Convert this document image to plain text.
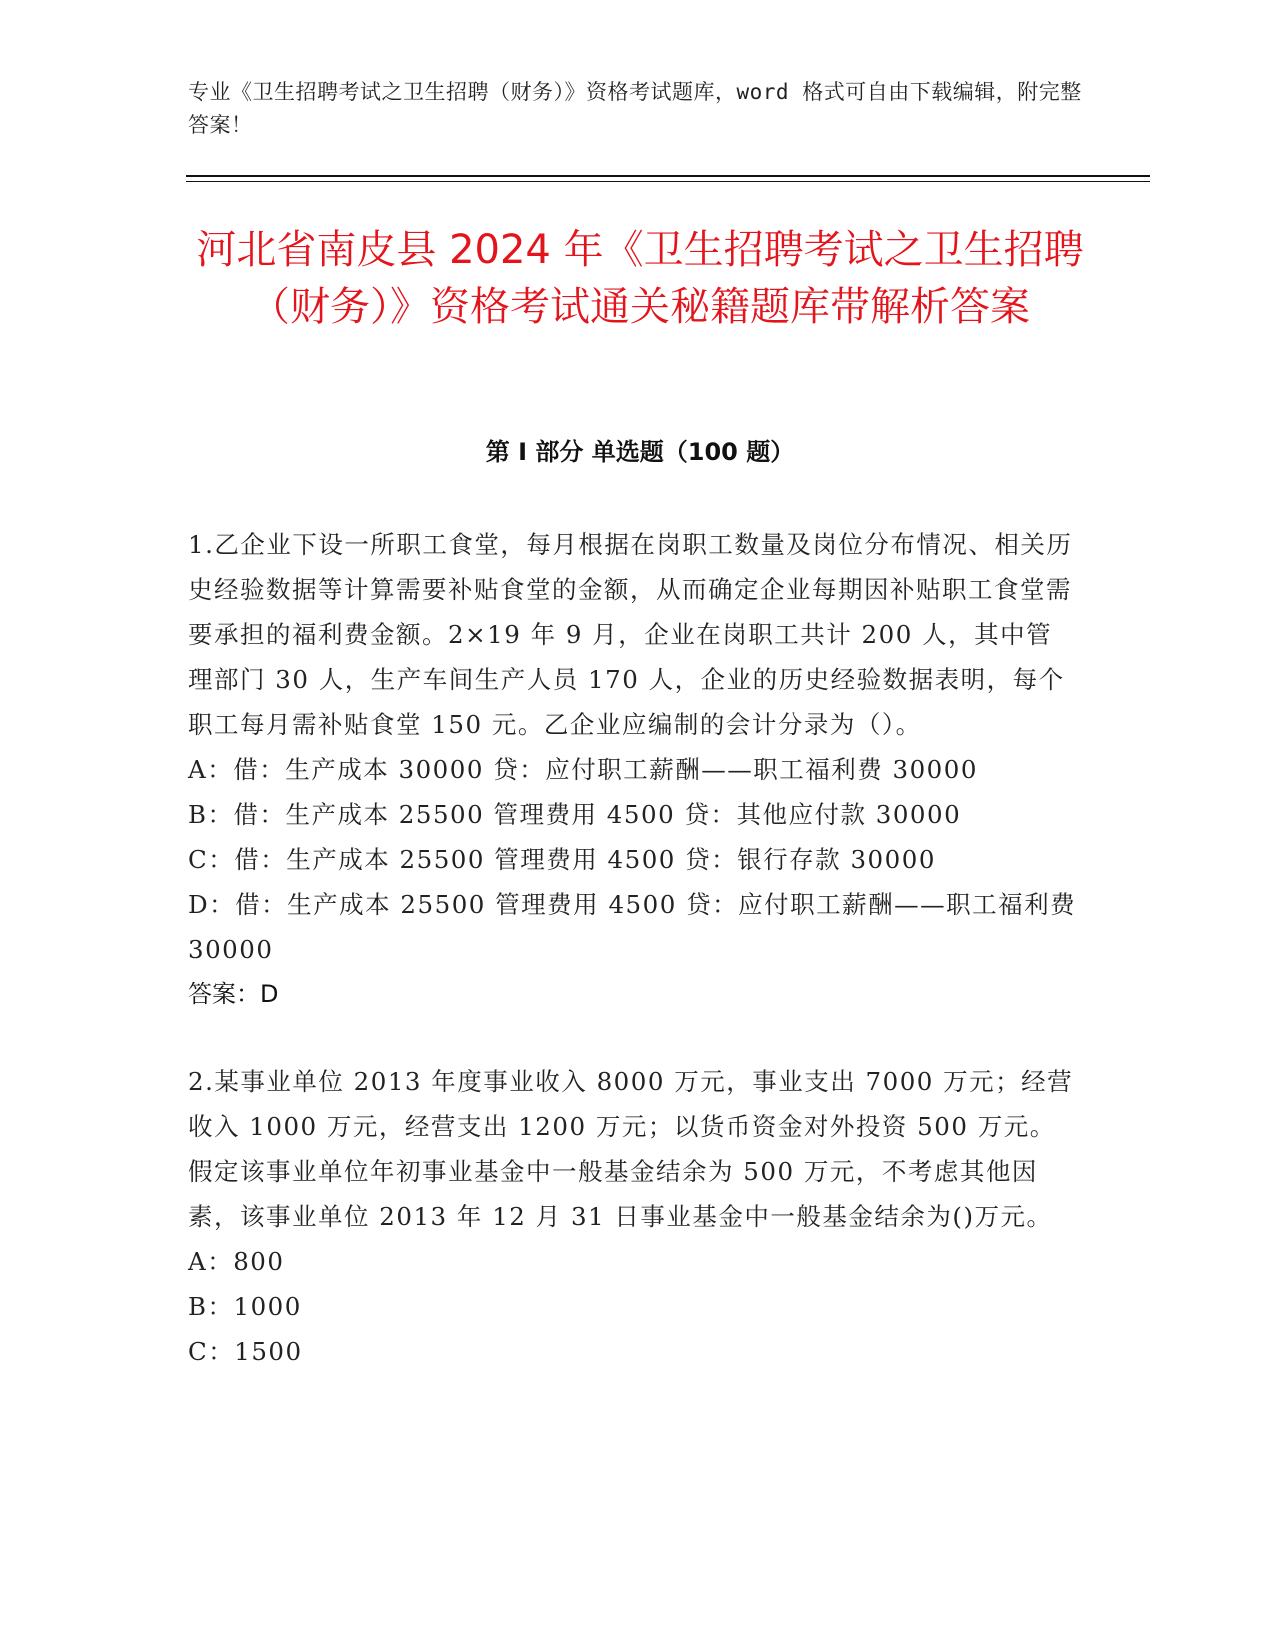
专业《卫生招聘考试之卫生招聘（财务）》资格考试题库，word 格式可自由下载编辑，附完整答案！
河北省南皮县 2024 年《卫生招聘考试之卫生招聘（财务）》资格考试通关秘籍题库带解析答案
第 I 部分 单选题（100 题）

1.乙企业下设一所职工食堂，每月根据在岗职工数量及岗位分布情况、相关历史经验数据等计算需要补贴食堂的金额，从而确定企业每期因补贴职工食堂需要承担的福利费金额。2×19 年 9 月，企业在岗职工共计 200 人，其中管理部门 30 人，生产车间生产人员 170 人，企业的历史经验数据表明，每个职工每月需补贴食堂 150 元。乙企业应编制的会计分录为（）。

A：借：生产成本 30000 贷：应付职工薪酬——职工福利费 30000

B：借：生产成本 25500 管理费用 4500 贷：其他应付款 30000

C：借：生产成本 25500 管理费用 4500 贷：银行存款 30000

D：借：生产成本 25500 管理费用 4500 贷：应付职工薪酬——职工福利费 30000

答案：D

2.某事业单位 2013 年度事业收入 8000 万元，事业支出 7000 万元；经营收入 1000 万元，经营支出 1200 万元；以货币资金对外投资 500 万元。假定该事业单位年初事业基金中一般基金结余为 500 万元，不考虑其他因素，该事业单位 2013 年 12 月 31 日事业基金中一般基金结余为()万元。

A：800

B：1000

C：1500
